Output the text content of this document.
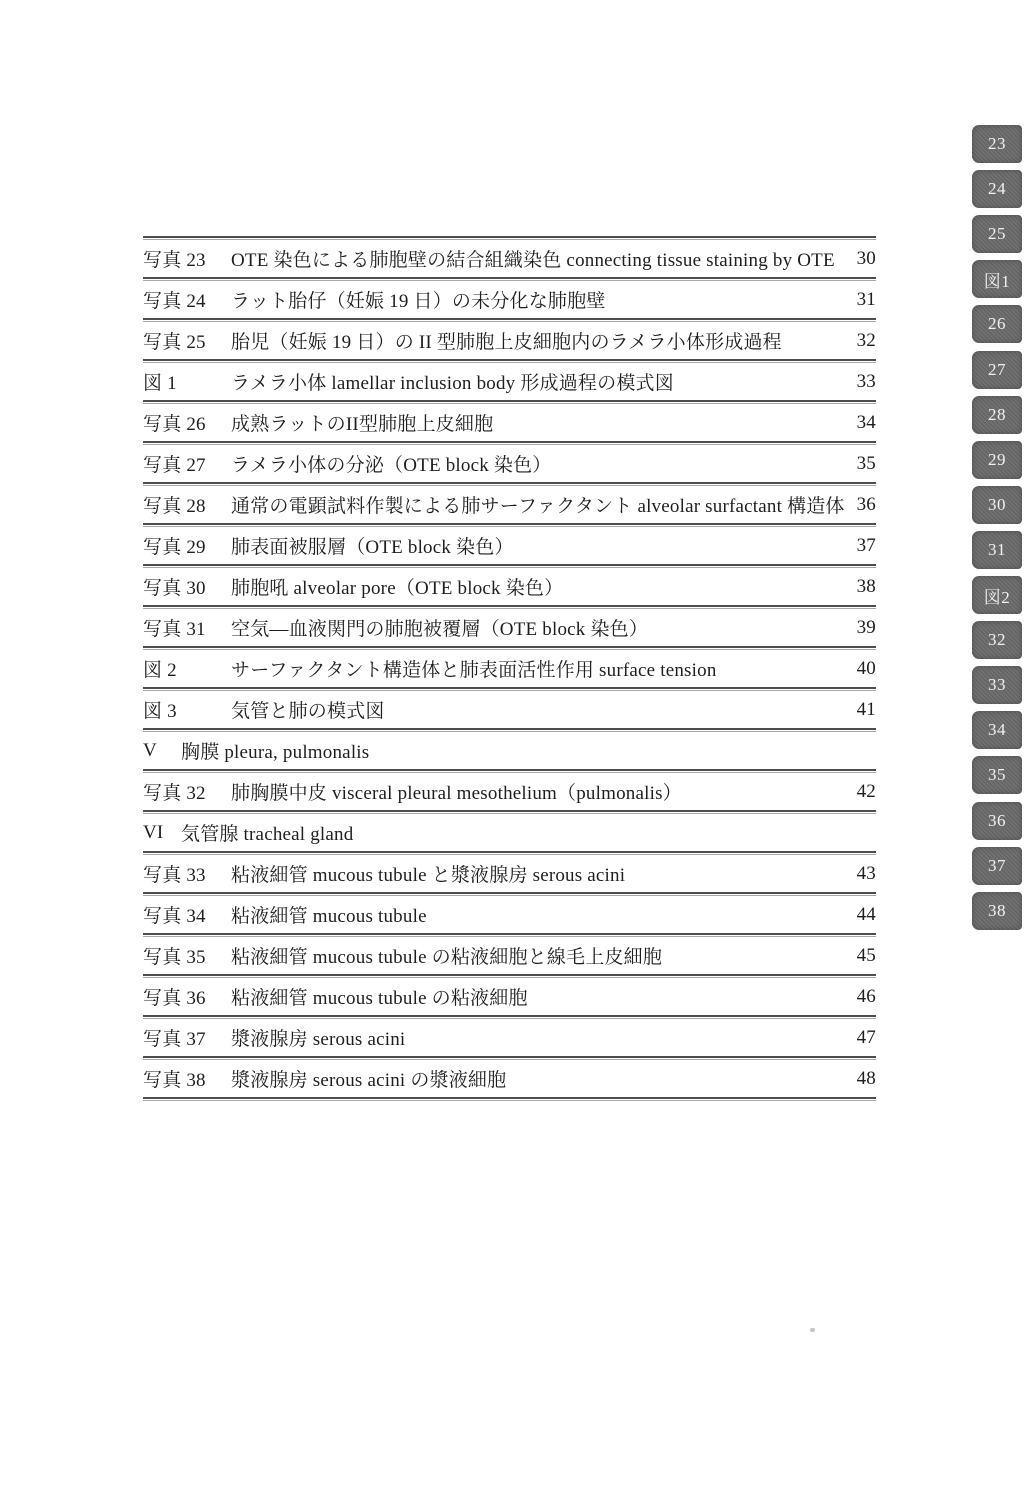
写真 23	OTE 染色による肺胞壁の結合組織染色 connecting tissue staining by OTE	30
写真 24	ラット胎仔（妊娠 19 日）の未分化な肺胞壁	31
写真 25	胎児（妊娠 19 日）の II 型肺胞上皮細胞内のラメラ小体形成過程	32
図 1	ラメラ小体 lamellar inclusion body 形成過程の模式図	33
写真 26	成熟ラットのII型肺胞上皮細胞	34
写真 27	ラメラ小体の分泌（OTE block 染色）	35
写真 28	通常の電顕試料作製による肺サーファクタント alveolar surfactant 構造体 36
写真 29	肺表面被服層（OTE block 染色）	37
写真 30	肺胞吼 alveolar pore（OTE block 染色）	38
写真 31	空気―血液関門の肺胞被覆層（OTE block 染色）	39
図 2	サーファクタント構造体と肺表面活性作用 surface tension	40
図 3	気管と肺の模式図	41
V	胸膜 pleura, pulmonalis
写真 32	肺胸膜中皮 visceral pleural mesothelium（pulmonalis）	42
VI 気管腺 tracheal gland
写真 33	粘液細管 mucous tubule と漿液腺房 serous acini	43
写真 34	粘液細管 mucous tubule	44
写真 35	粘液細管 mucous tubule の粘液細胞と線毛上皮細胞	45
写真 36	粘液細管 mucous tubule の粘液細胞	46
写真 37	漿液腺房 serous acini	47
写真 38	漿液腺房 serous acini の漿液細胞	48
23
24
25
図1
26
27
28
29
30
31
図2
32
33
34
35
36
37
38
